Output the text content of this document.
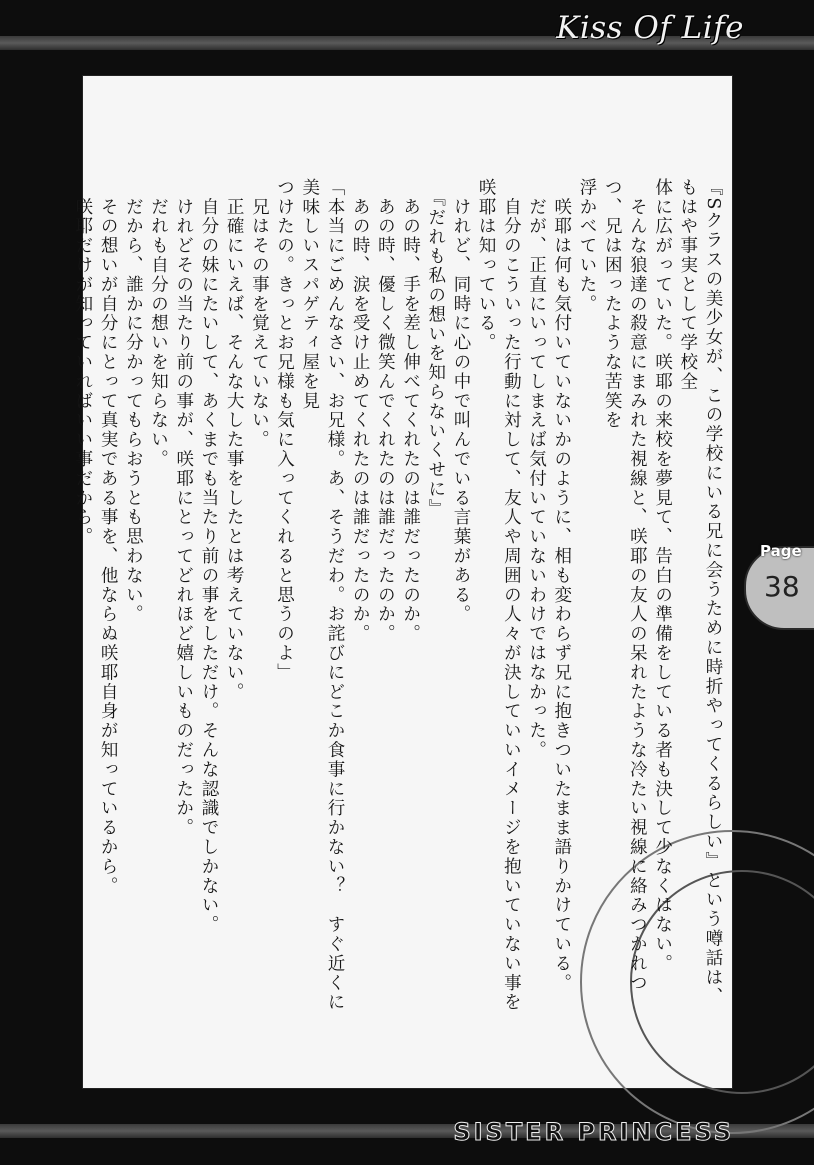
Kiss Of Life
Page
38
SISTER PRINCESS

『Sクラスの美少女が、この学校にいる兄に会うために時折やってくるらしい』という噂話は、もはや事実として学校全

体に広がっていた。咲耶の来校を夢見て、告白の準備をしている者も決して少なくはない。

　そんな狼達の殺意にまみれた視線と、咲耶の友人の呆れたような冷たい視線に絡みつかれつつ、兄は困ったような苦笑を

浮かべていた。

　咲耶は何も気付いていないかのように、相も変わらず兄に抱きついたまま語りかけている。

　だが、正直にいってしまえば気付いていないわけではなかった。

　自分のこういった行動に対して、友人や周囲の人々が決していいイメージを抱いていない事を咲耶は知っている。

　けれど、同時に心の中で叫んでいる言葉がある。

　『だれも私の想いを知らないくせに』

　あの時、手を差し伸べてくれたのは誰だったのか。

　あの時、優しく微笑んでくれたのは誰だったのか。

　あの時、涙を受け止めてくれたのは誰だったのか。

「本当にごめんなさい、お兄様。あ、そうだわ。お詫びにどこか食事に行かない？　すぐ近くに美味しいスパゲティ屋を見

つけたの。きっとお兄様も気に入ってくれると思うのよ」

　兄はその事を覚えていない。

　正確にいえば、そんな大した事をしたとは考えていない。

　自分の妹にたいして、あくまでも当たり前の事をしただけ。そんな認識でしかない。

　けれどその当たり前の事が、咲耶にとってどれほど嬉しいものだったか。

　だれも自分の想いを知らない。

　だから、誰かに分かってもらおうとも思わない。

　その想いが自分にとって真実である事を、他ならぬ咲耶自身が知っているから。

　咲耶だけが知っていればいい事だから。
